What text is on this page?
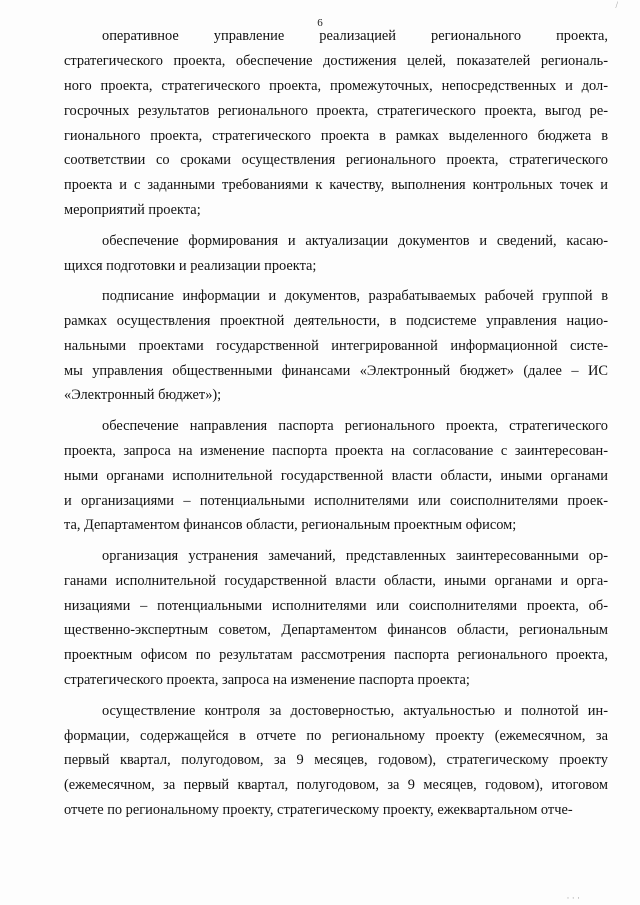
6
/
· · ·
оперативное управление реализацией регионального проекта,
стратегического проекта, обеспечение достижения целей, показателей региональ-
ного проекта, стратегического проекта, промежуточных, непосредственных и дол-
госрочных результатов регионального проекта, стратегического проекта, выгод ре-
гионального проекта, стратегического проекта в рамках выделенного бюджета в
соответствии со сроками осуществления регионального проекта, стратегического
проекта и с заданными требованиями к качеству, выполнения контрольных точек и
мероприятий проекта;
обеспечение формирования и актуализации документов и сведений, касаю-
щихся подготовки и реализации проекта;
подписание информации и документов, разрабатываемых рабочей группой в
рамках осуществления проектной деятельности, в подсистеме управления нацио-
нальными проектами государственной интегрированной информационной систе-
мы управления общественными финансами «Электронный бюджет» (далее – ИС
«Электронный бюджет»);
обеспечение направления паспорта регионального проекта, стратегического
проекта, запроса на изменение паспорта проекта на согласование с заинтересован-
ными органами исполнительной государственной власти области, иными органами
и организациями – потенциальными исполнителями или соисполнителями проек-
та, Департаментом финансов области, региональным проектным офисом;
организация устранения замечаний, представленных заинтересованными ор-
ганами исполнительной государственной власти области, иными органами и орга-
низациями – потенциальными исполнителями или соисполнителями проекта, об-
щественно-экспертным советом, Департаментом финансов области, региональным
проектным офисом по результатам рассмотрения паспорта регионального проекта,
стратегического проекта, запроса на изменение паспорта проекта;
осуществление контроля за достоверностью, актуальностью и полнотой ин-
формации, содержащейся в отчете по региональному проекту (ежемесячном, за
первый квартал, полугодовом, за 9 месяцев, годовом), стратегическому проекту
(ежемесячном, за первый квартал, полугодовом, за 9 месяцев, годовом), итоговом
отчете по региональному проекту, стратегическому проекту, ежеквартальном отче-
